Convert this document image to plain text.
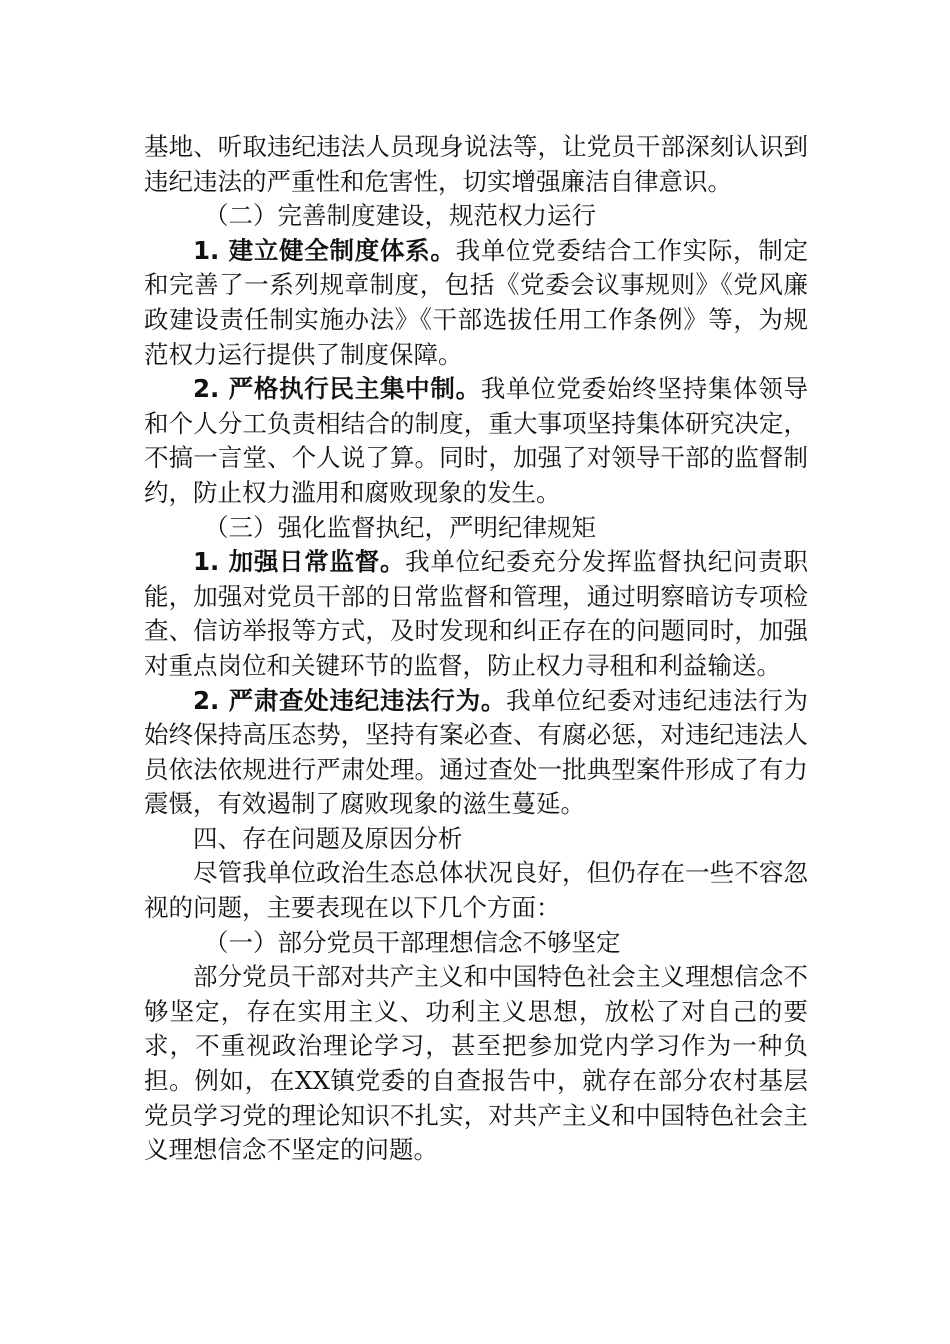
基地、听取违纪违法人员现身说法等，让党员干部深刻认识到违纪违法的严重性和危害性，切实增强廉洁自律意识。

（二）完善制度建设，规范权力运行

1. 建立健全制度体系。我单位党委结合工作实际，制定和完善了一系列规章制度，包括《党委会议事规则》《党风廉政建设责任制实施办法》《干部选拔任用工作条例》等，为规范权力运行提供了制度保障。

2. 严格执行民主集中制。我单位党委始终坚持集体领导和个人分工负责相结合的制度，重大事项坚持集体研究决定，不搞一言堂、个人说了算。同时，加强了对领导干部的监督制约，防止权力滥用和腐败现象的发生。

（三）强化监督执纪，严明纪律规矩

1. 加强日常监督。我单位纪委充分发挥监督执纪问责职能，加强对党员干部的日常监督和管理，通过明察暗访专项检查、信访举报等方式，及时发现和纠正存在的问题同时，加强对重点岗位和关键环节的监督，防止权力寻租和利益输送。

2. 严肃查处违纪违法行为。我单位纪委对违纪违法行为始终保持高压态势，坚持有案必查、有腐必惩，对违纪违法人员依法依规进行严肃处理。通过查处一批典型案件形成了有力震慑，有效遏制了腐败现象的滋生蔓延。

四、存在问题及原因分析

尽管我单位政治生态总体状况良好，但仍存在一些不容忽视的问题，主要表现在以下几个方面：

（一）部分党员干部理想信念不够坚定

部分党员干部对共产主义和中国特色社会主义理想信念不够坚定，存在实用主义、功利主义思想，放松了对自己的要求，不重视政治理论学习，甚至把参加党内学习作为一种负担。例如，在XX镇党委的自查报告中，就存在部分农村基层党员学习党的理论知识不扎实，对共产主义和中国特色社会主义理想信念不坚定的问题。
